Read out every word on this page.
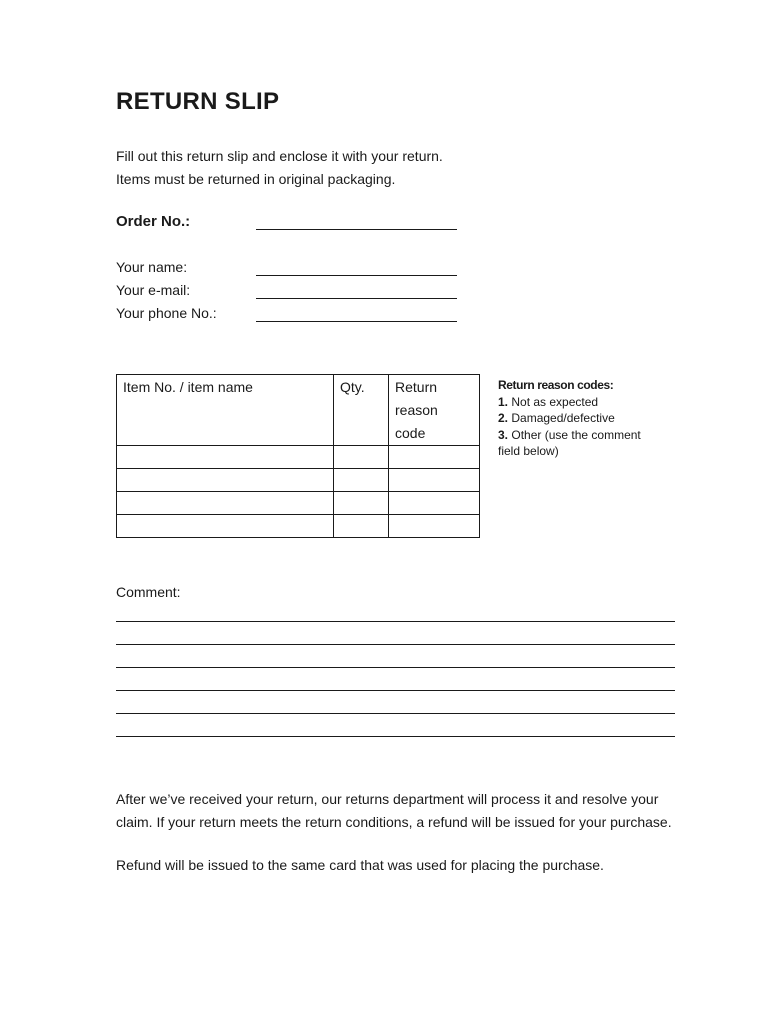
RETURN SLIP
Fill out this return slip and enclose it with your return.
Items must be returned in original packaging.
Order No.:
Your name:
Your e-mail:
Your phone No.:
Item No. / item name	Qty.	Return reason code

Return reason codes:
1. Not as expected
2. Damaged/defective
3. Other (use the comment field below)
Comment:

After we’ve received your return, our returns department will process it and resolve your claim. If your return meets the return conditions, a refund will be issued for your purchase.

Refund will be issued to the same card that was used for placing the purchase.
